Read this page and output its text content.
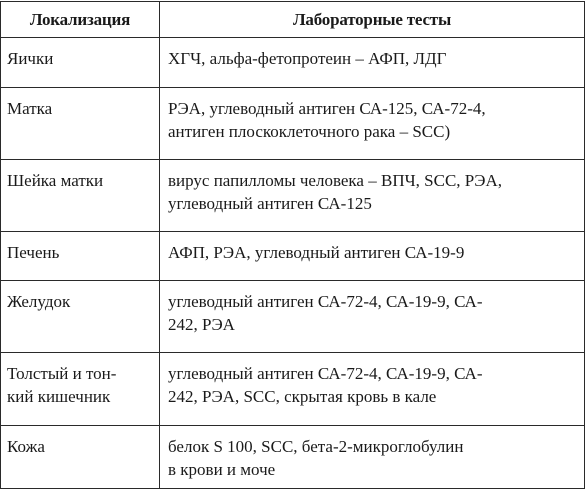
Локализация	Лабораторные тесты

Яички	ХГЧ, альфа-фетопротеин – АФП, ЛДГ

Матка	РЭА, углеводный антиген СА-125, СА-72-4,
антиген плоскоклеточного рака – SCC)

Шейка матки	вирус папилломы человека – ВПЧ, SCC, РЭА,
углеводный антиген СА-125

Печень	АФП, РЭА, углеводный антиген СА-19-9

Желудок	углеводный антиген СА-72-4, СА-19-9, СА-
242, РЭА

Толстый и тон-
кий кишечник	углеводный антиген СА-72-4, СА-19-9, СА-
242, РЭА, SCC, скрытая кровь в кале

Кожа	белок S 100, SCC, бета-2-микроглобулин
в крови и моче
